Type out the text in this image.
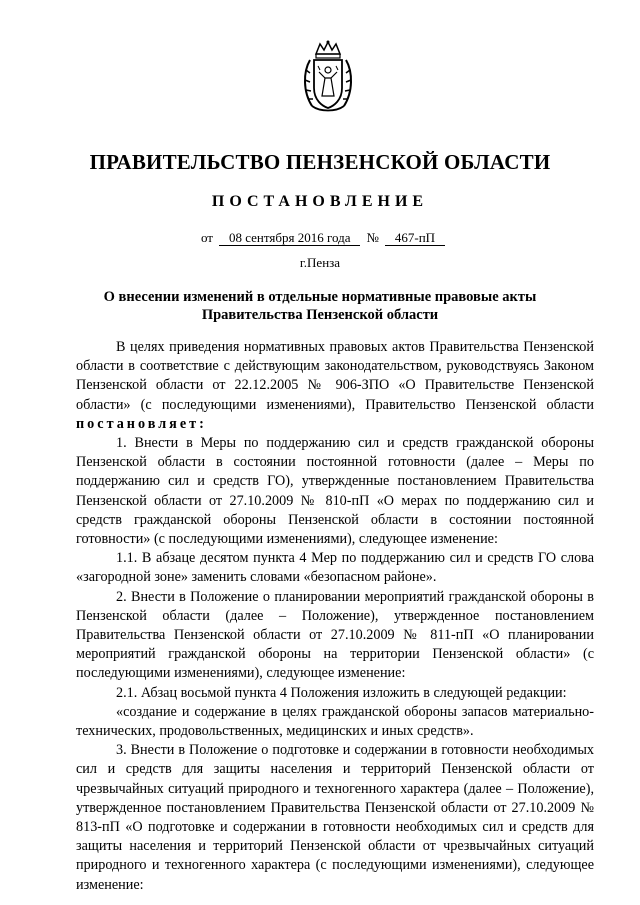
ПРАВИТЕЛЬСТВО ПЕНЗЕНСКОЙ ОБЛАСТИ
ПОСТАНОВЛЕНИЕ
от 08 сентября 2016 года № 467-пП
г.Пенза
О внесении изменений в отдельные нормативные правовые акты
Правительства Пензенской области

В целях приведения нормативных правовых актов Правительства Пензенской области в соответствие с действующим законодательством, руководствуясь Законом Пензенской области от 22.12.2005 № 906-ЗПО «О Правительстве Пензенской области» (с последующими изменениями), Правительство Пензенской области постановляет:

1. Внести в Меры по поддержанию сил и средств гражданской обороны Пензенской области в состоянии постоянной готовности (далее – Меры по поддержанию сил и средств ГО), утвержденные постановлением Правительства Пензенской области от 27.10.2009 № 810-пП «О мерах по поддержанию сил и средств гражданской обороны Пензенской области в состоянии постоянной готовности» (с последующими изменениями), следующее изменение:

1.1. В абзаце десятом пункта 4 Мер по поддержанию сил и средств ГО слова «загородной зоне» заменить словами «безопасном районе».

2. Внести в Положение о планировании мероприятий гражданской обороны в Пензенской области (далее – Положение), утвержденное постановлением Правительства Пензенской области от 27.10.2009 № 811-пП «О планировании мероприятий гражданской обороны на территории Пензенской области» (с последующими изменениями), следующее изменение:

2.1. Абзац восьмой пункта 4 Положения изложить в следующей редакции:

«создание и содержание в целях гражданской обороны запасов материально-технических, продовольственных, медицинских и иных средств».

3. Внести в Положение о подготовке и содержании в готовности необходимых сил и средств для защиты населения и территорий Пензенской области от чрезвычайных ситуаций природного и техногенного характера (далее – Положение), утвержденное постановлением Правительства Пензенской области от 27.10.2009 № 813-пП «О подготовке и содержании в готовности необходимых сил и средств для защиты населения и территорий Пензенской области от чрезвычайных ситуаций природного и техногенного характера (с последующими изменениями), следующее изменение:
